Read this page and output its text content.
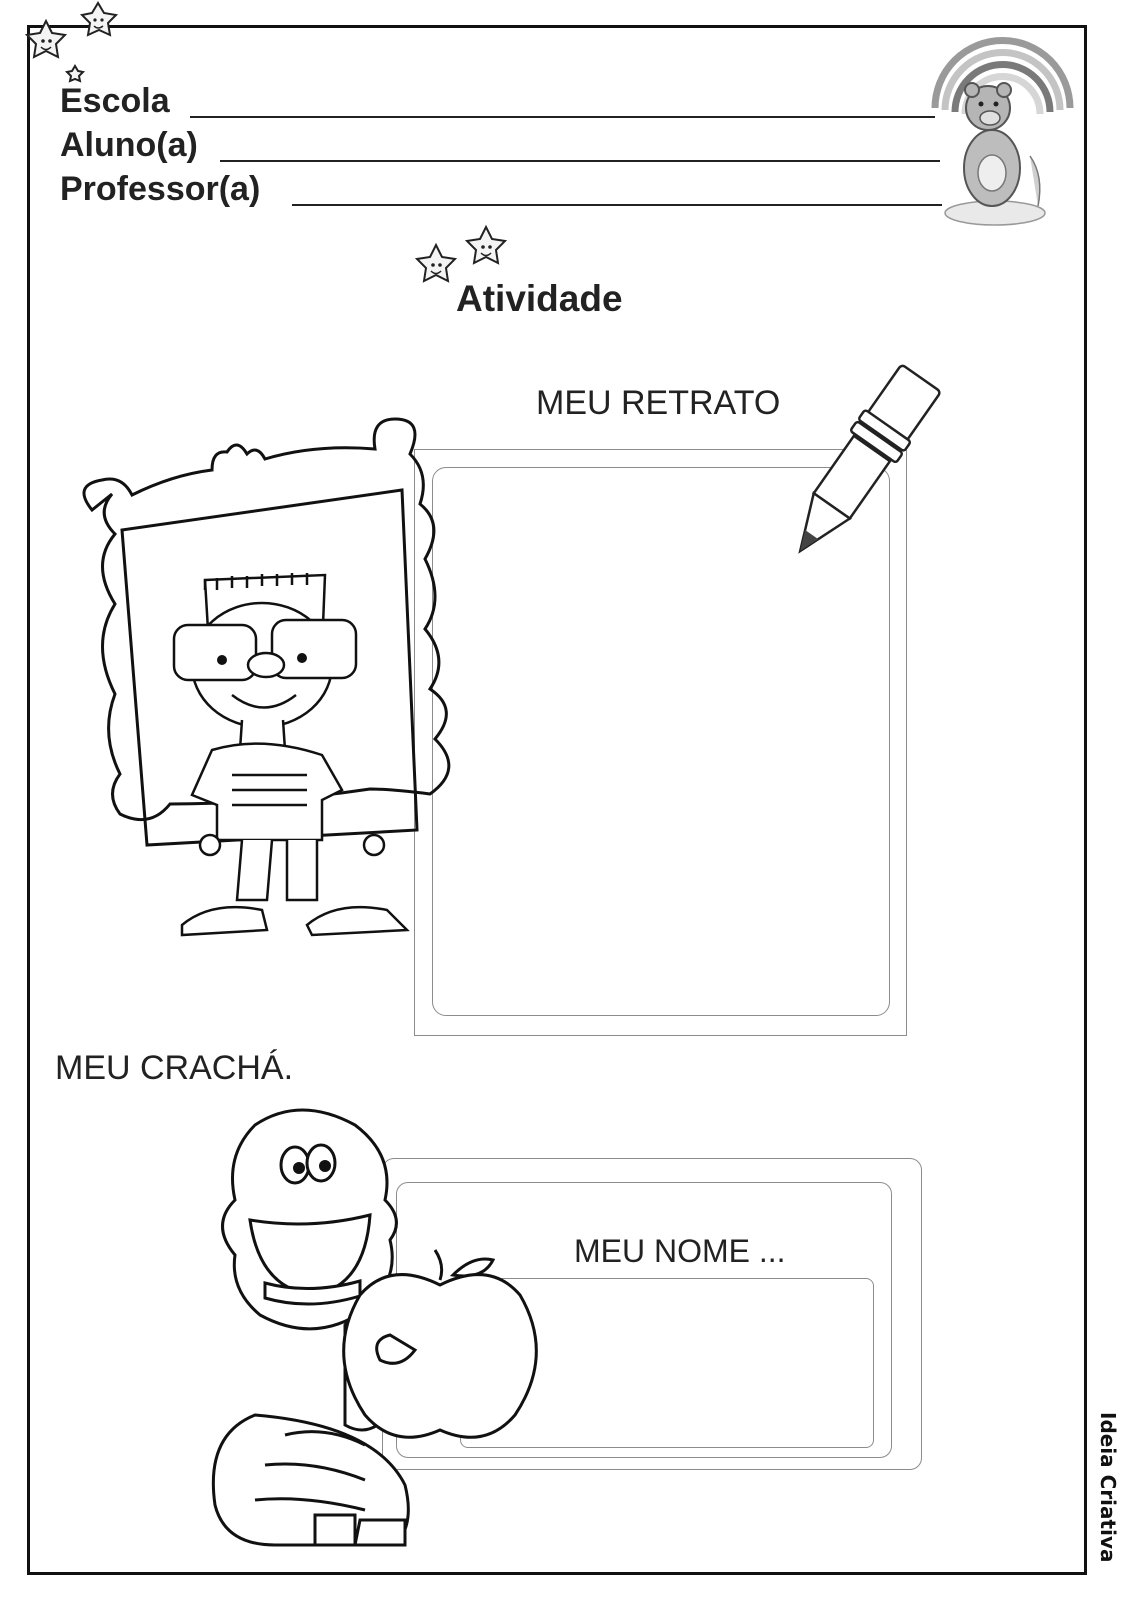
Escola
Aluno(a)
Professor(a)
Atividade
MEU RETRATO
MEU CRACHÁ.
MEU NOME ...
Ideia Criativa
